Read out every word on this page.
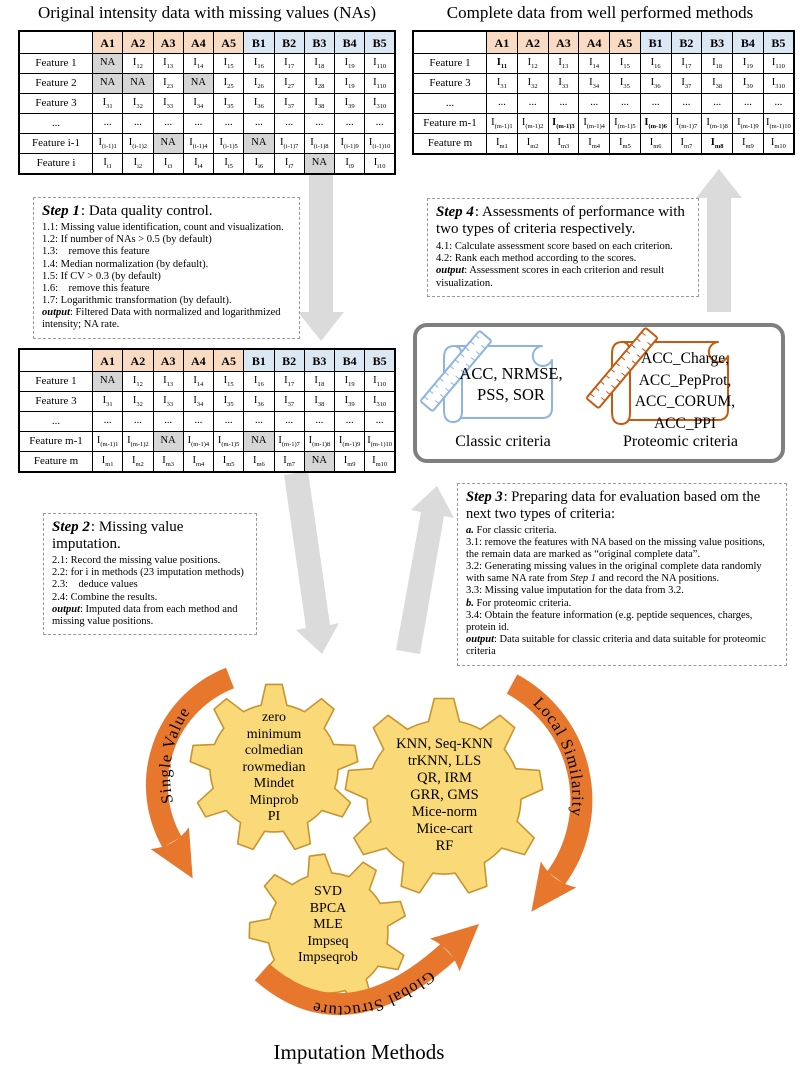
Single Value	Local Similarity
Global Structure
Original intensity data with missing values (NAs)	Complete data from well performed methods
	A1	A2	A3	A4	A5	B1	B2	B3	B4	B5
Feature 1	NA	$I_{12}$	$I_{13}$	$I_{14}$	$I_{15}$	$I_{16}$	$I_{17}$	$I_{18}$	$I_{19}$	$I_{110}$
Feature 2	NA	NA	$I_{23}$	NA	$I_{25}$	$I_{26}$	$I_{27}$	$I_{28}$	$I_{19}$	$I_{110}$
Feature 3	$I_{31}$	$I_{32}$	$I_{33}$	$I_{34}$	$I_{35}$	$I_{36}$	$I_{37}$	$I_{38}$	$I_{39}$	$I_{310}$
...	...	...	...	...	...	...	...	...	...	...
Feature i-1	$I_{(i-1)1}$	$I_{(i-1)2}$	NA	$I_{(i-1)4}$	$I_{(i-1)5}$	NA	$I_{(i-1)7}$	$I_{(i-1)8}$	$I_{(i-1)9}$	$I_{(i-1)10}$
Feature i	$I_{i1}$	$I_{i2}$	$I_{i3}$	$I_{i4}$	$I_{i5}$	$I_{i6}$	$I_{i7}$	NA	$I_{i9}$	$I_{i10}$
	A1	A2	A3	A4	A5	B1	B2	B3	B4	B5
Feature 1	NA	$I_{12}$	$I_{13}$	$I_{14}$	$I_{15}$	$I_{16}$	$I_{17}$	$I_{18}$	$I_{19}$	$I_{110}$
Feature 3	$I_{31}$	$I_{32}$	$I_{33}$	$I_{34}$	$I_{35}$	$I_{36}$	$I_{37}$	$I_{38}$	$I_{39}$	$I_{310}$
...	...	...	...	...	...	...	...	...	...	...
Feature m-1	$I_{(m-1)1}$	$I_{(m-1)2}$	NA	$I_{(m-1)4}$	$I_{(m-1)5}$	NA	$I_{(m-1)7}$	$I_{(m-1)8}$	$I_{(m-1)9}$	$I_{(m-1)10}$
Feature m	$I_{m1}$	$I_{m2}$	$I_{m3}$	$I_{m4}$	$I_{m5}$	$I_{m6}$	$I_{m7}$	NA	$I_{m9}$	$I_{m10}$
	A1	A2	A3	A4	A5	B1	B2	B3	B4	B5
Feature 1	$I_{11}$	$I_{12}$	$I_{13}$	$I_{14}$	$I_{15}$	$I_{16}$	$I_{17}$	$I_{18}$	$I_{19}$	$I_{110}$
Feature 3	$I_{31}$	$I_{32}$	$I_{33}$	$I_{34}$	$I_{35}$	$I_{36}$	$I_{37}$	$I_{38}$	$I_{39}$	$I_{310}$
...	...	...	...	...	...	...	...	...	...	...
Feature m-1	$I_{(m-1)1}$	$I_{(m-1)2}$	$I_{(m-1)3}$	$I_{(m-1)4}$	$I_{(m-1)5}$	$I_{(m-1)6}$	$I_{(m-1)7}$	$I_{(m-1)8}$	$I_{(m-1)9}$	$I_{(m-1)10}$
Feature m	$I_{m1}$	$I_{m2}$	$I_{m3}$	$I_{m4}$	$I_{m5}$	$I_{m6}$	$I_{m7}$	$I_{m8}$	$I_{m9}$	$I_{m10}$
Step 1: Data quality control.
1.1: Missing value identification, count and visualization.
1.2: If number of NAs > 0.5 (by default)
1.3:    remove this feature
1.4: Median normalization (by default).
1.5: If CV > 0.3 (by default)
1.6:    remove this feature
1.7: Logarithmic transformation (by default).
output: Filtered Data with normalized and logarithmized intensity; NA rate.
Step 2: Missing value imputation.
2.1: Record the missing value positions.
2.2: for i in methods (23 imputation methods)
2.3:    deduce values
2.4: Combine the results.
output: Imputed data from each method and missing value positions.
Step 3: Preparing data for evaluation based om the next two types of criteria:
a. For classic criteria.
3.1: remove the features with NA based on the missing value positions, the remain data are marked as “original complete data”.
3.2: Generating missing values in the original complete data randomly with same NA rate from Step 1 and record the NA positions.
3.3: Missing value imputation for the data from 3.2.
b. For proteomic criteria.
3.4: Obtain the feature information (e.g. peptide sequences, charges, protein id.
output: Data suitable for classic criteria and data suitable for proteomic criteria
Step 4: Assessments of performance with two types of criteria respectively.
4.1: Calculate assessment score based on each criterion.
4.2: Rank each method according to the scores.
output: Assessment scores in each criterion and result visualization.
ACC, NRMSE,
PSS, SOR
ACC_Charge,
ACC_PepProt,
ACC_CORUM,
ACC_PPI
Classic criteria	Proteomic criteria
zero
minimum
colmedian
rowmedian
Mindet
Minprob
PI
KNN, Seq-KNN
trKNN, LLS
QR, IRM
GRR, GMS
Mice-norm
Mice-cart
RF
SVD
BPCA
MLE
Impseq
Impseqrob
Imputation Methods
